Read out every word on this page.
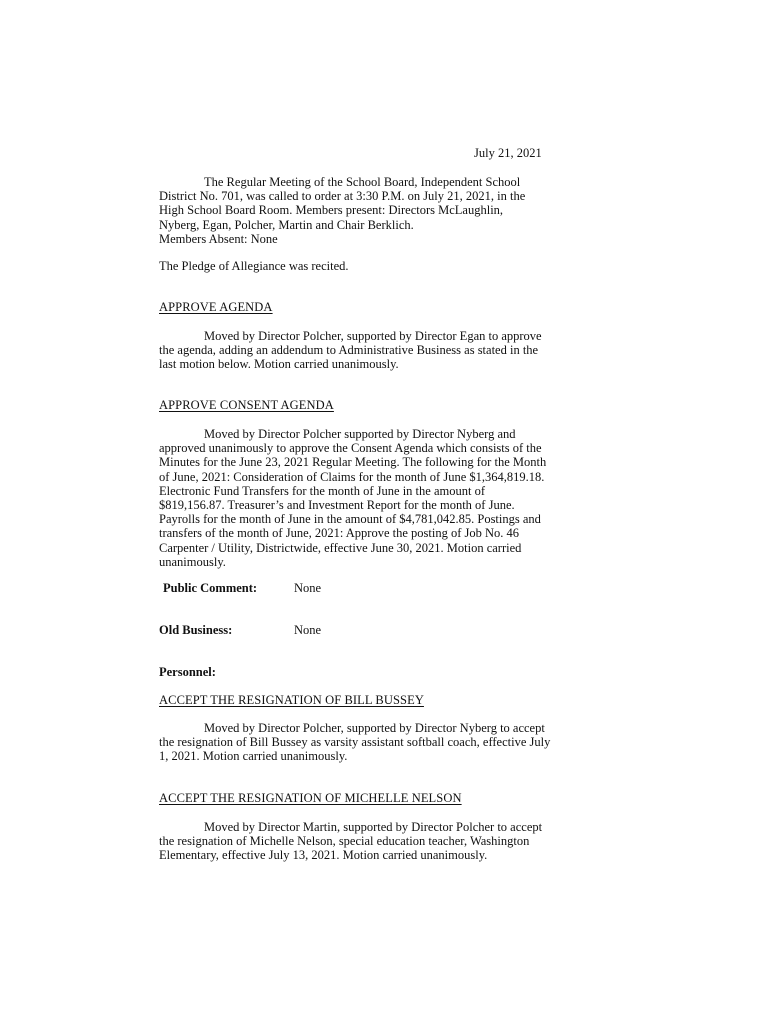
July 21, 2021
The Regular Meeting of the School Board, Independent School
District No. 701, was called to order at 3:30 P.M. on July 21, 2021, in the
High School Board Room. Members present: Directors McLaughlin,
Nyberg, Egan, Polcher, Martin and Chair Berklich.
Members Absent: None
The Pledge of Allegiance was recited.
APPROVE AGENDA
Moved by Director Polcher, supported by Director Egan to approve
the agenda, adding an addendum to Administrative Business as stated in the
last motion below. Motion carried unanimously.
APPROVE CONSENT AGENDA
Moved by Director Polcher supported by Director Nyberg and
approved unanimously to approve the Consent Agenda which consists of the
Minutes for the June 23, 2021 Regular Meeting. The following for the Month
of June, 2021: Consideration of Claims for the month of June $1,364,819.18.
Electronic Fund Transfers for the month of June in the amount of
$819,156.87. Treasurer’s and Investment Report for the month of June.
Payrolls for the month of June in the amount of $4,781,042.85. Postings and
transfers of the month of June, 2021: Approve the posting of Job No. 46
Carpenter / Utility, Districtwide, effective June 30, 2021. Motion carried
unanimously.
Public Comment:	None
Old Business:	None
Personnel:
ACCEPT THE RESIGNATION OF BILL BUSSEY
Moved by Director Polcher, supported by Director Nyberg to accept
the resignation of Bill Bussey as varsity assistant softball coach, effective July
1, 2021. Motion carried unanimously.
ACCEPT THE RESIGNATION OF MICHELLE NELSON
Moved by Director Martin, supported by Director Polcher to accept
the resignation of Michelle Nelson, special education teacher, Washington
Elementary, effective July 13, 2021. Motion carried unanimously.
